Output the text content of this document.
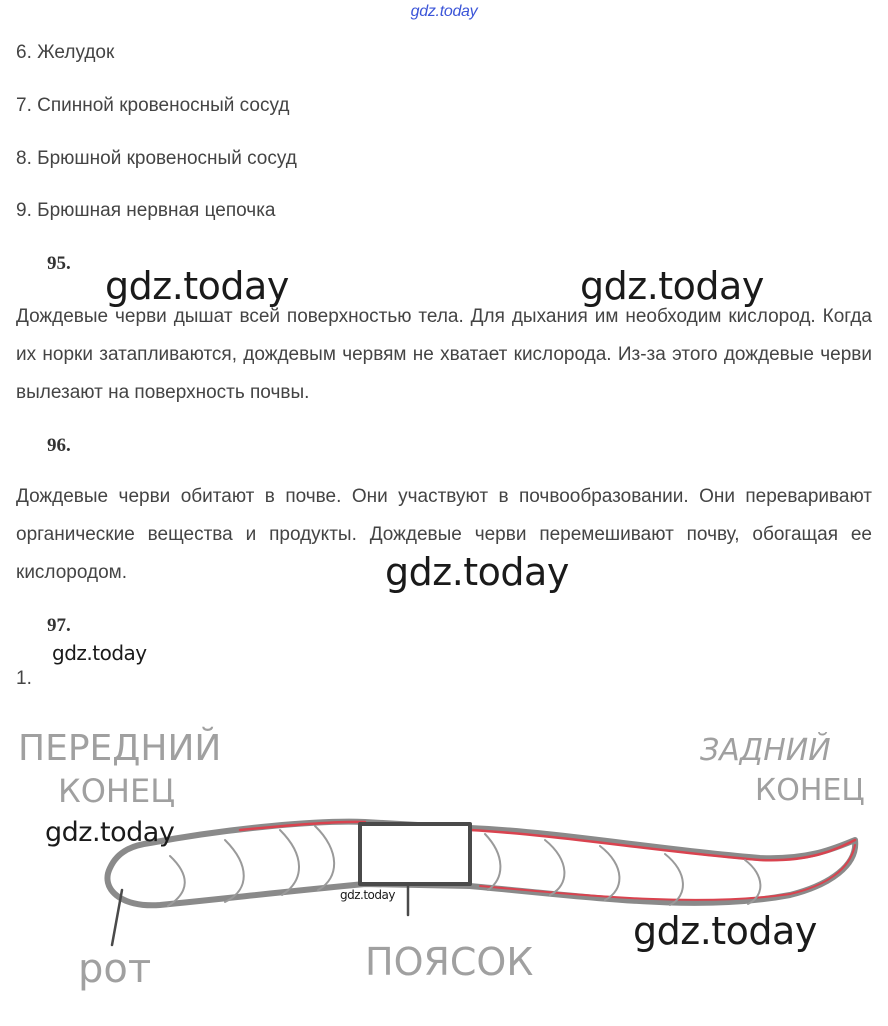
gdz.today
6. Желудок
7. Спинной кровеносный сосуд
8. Брюшной кровеносный сосуд
9. Брюшная нервная цепочка
95.
Дождевые черви дышат всей поверхностью тела. Для дыхания им необходим кислород. Когда их норки затапливаются, дождевым червям не хватает кислорода. Из-за этого дождевые черви вылезают на поверхность почвы.
96.
Дождевые черви обитают в почве. Они участвуют в почвообразовании. Они переваривают органические вещества и продукты. Дождевые черви перемешивают почву, обогащая ее кислородом.
97.
1.
ПЕРЕДНИЙ
КОНЕЦ
ЗАДНИЙ
КОНЕЦ
рот	ПОЯСОК
gdz.today	gdz.today
gdz.today
gdz.today
gdz.today
gdz.today
gdz.today
